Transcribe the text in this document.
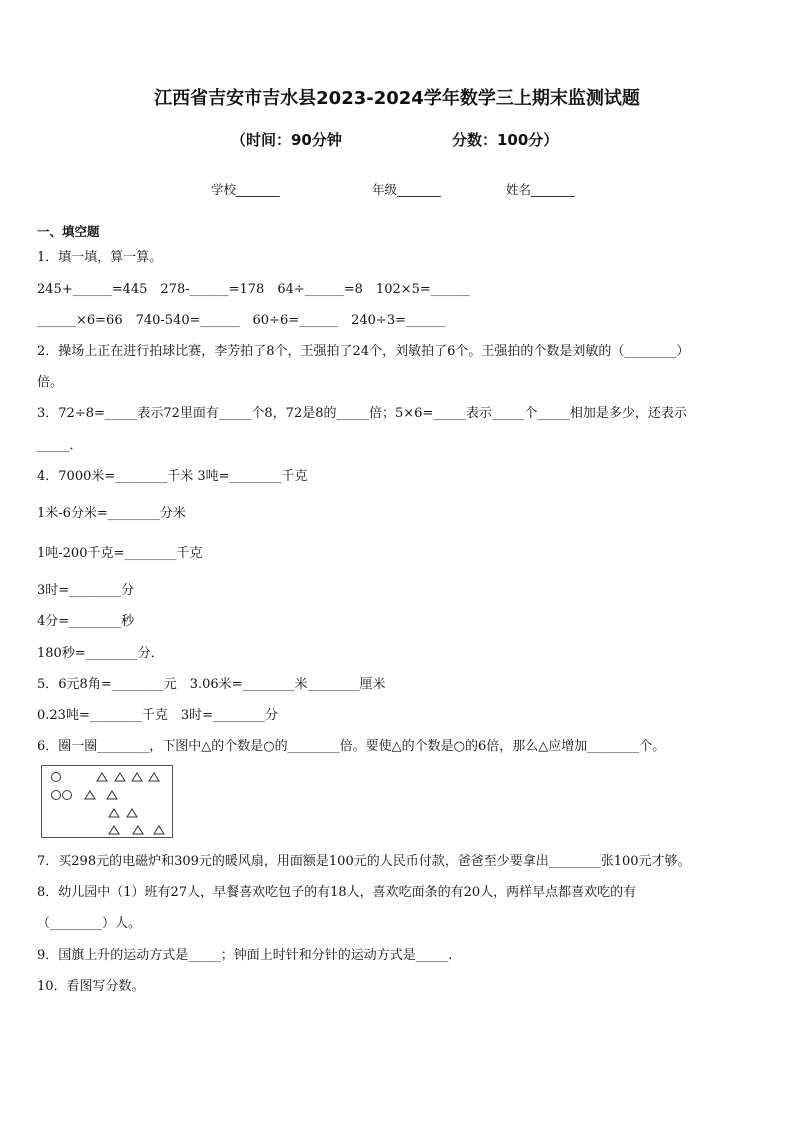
江西省吉安市吉水县2023-2024学年数学三上期末监测试题
（时间：90分钟	分数：100分）
学校_______	年级_______	姓名_______
一、填空题
1．填一填，算一算。
245+______=445　278-______=178　64÷______=8　102×5=______
______×6=66　740-540=______　60÷6=______　240÷3=______
2．操场上正在进行拍球比赛，李芳拍了8个，王强拍了24个，刘敏拍了6个。王强拍的个数是刘敏的（________）
倍。
3．72÷8=_____表示72里面有_____个8，72是8的_____倍；5×6=_____表示_____个_____相加是多少，还表示
_____．
4．7000米=________千米 3吨=________千克
1米-6分米=________分米
1吨-200千克=________千克
3时=________分
4分=________秒
180秒=________分．
5．6元8角=________元　3.06米=________米________厘米
0.23吨=________千克　3时=________分
6．圈一圈________，下图中△的个数是○的________倍。要使△的个数是○的6倍，那么△应增加________个。
7．买298元的电磁炉和309元的暖风扇，用面额是100元的人民币付款，爸爸至少要拿出________张100元才够。
8．幼儿园中（1）班有27人，早餐喜欢吃包子的有18人，喜欢吃面条的有20人，两样早点都喜欢吃的有
（________）人。
9．国旗上升的运动方式是_____；钟面上时针和分针的运动方式是_____.
10．看图写分数。
